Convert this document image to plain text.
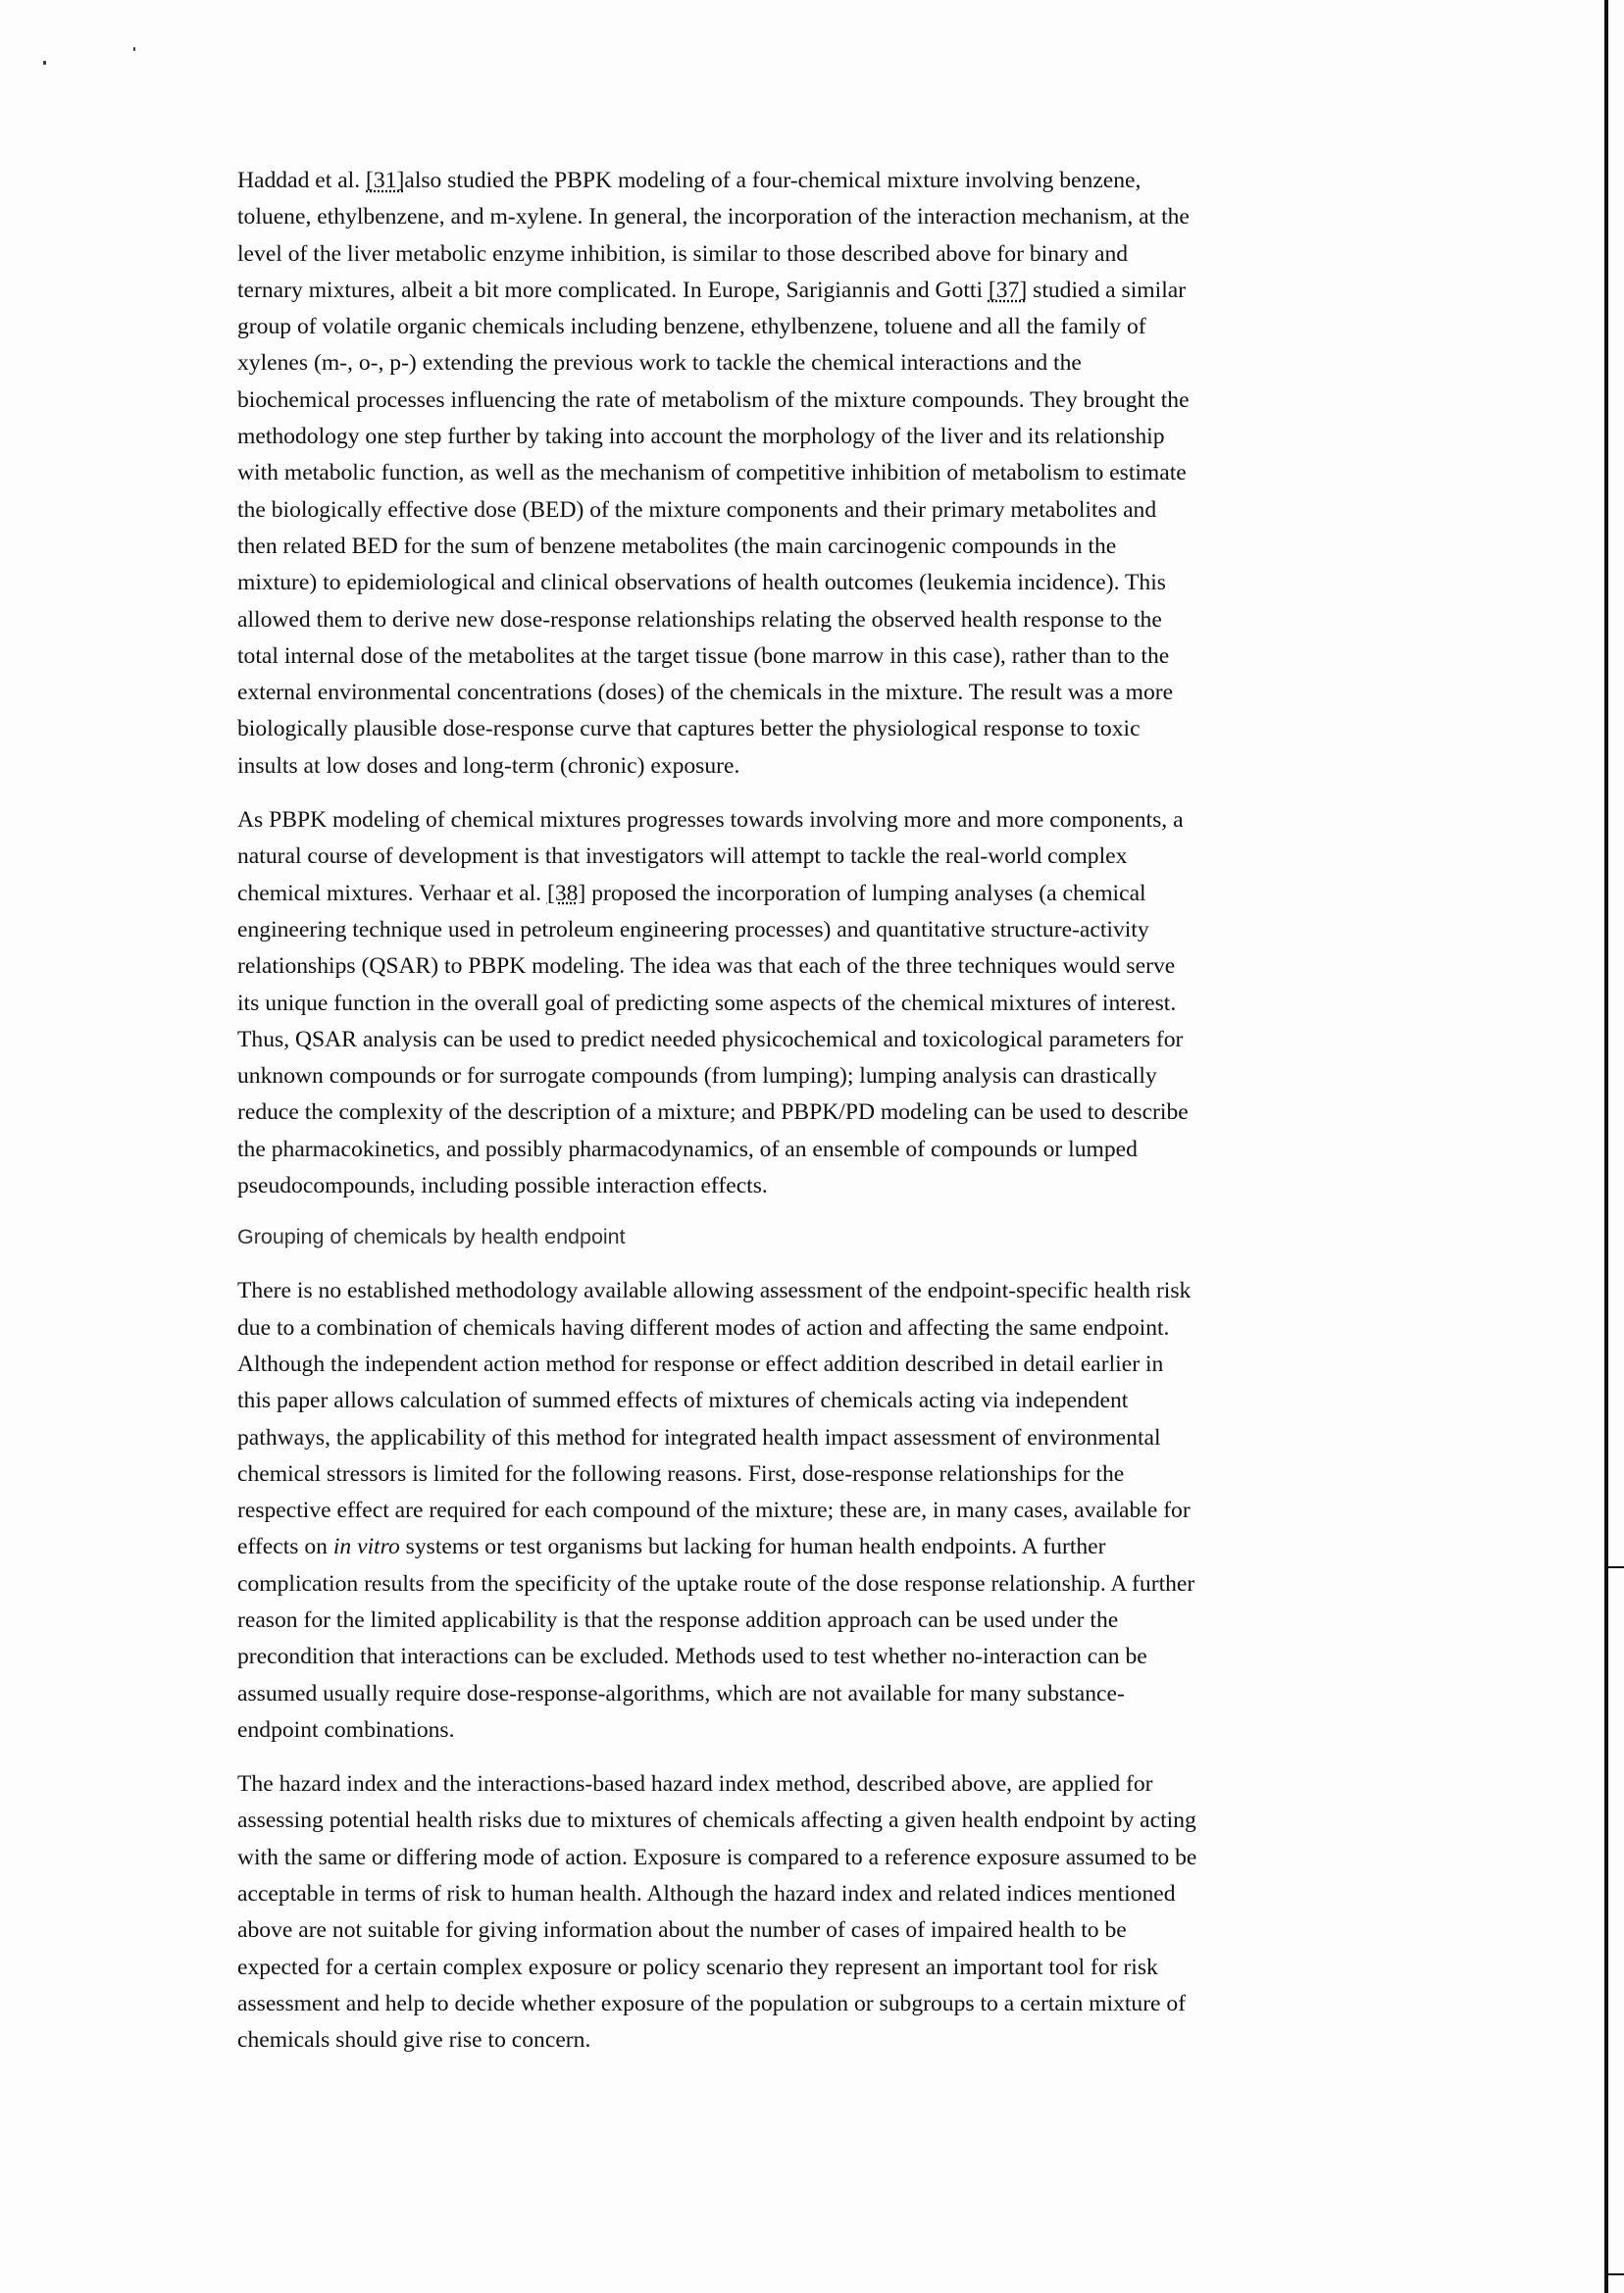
Haddad et al. [31]also studied the PBPK modeling of a four-chemical mixture involving benzene,
toluene, ethylbenzene, and m-xylene. In general, the incorporation of the interaction mechanism, at the
level of the liver metabolic enzyme inhibition, is similar to those described above for binary and
ternary mixtures, albeit a bit more complicated. In Europe, Sarigiannis and Gotti [37] studied a similar
group of volatile organic chemicals including benzene, ethylbenzene, toluene and all the family of
xylenes (m-, o-, p-) extending the previous work to tackle the chemical interactions and the
biochemical processes influencing the rate of metabolism of the mixture compounds. They brought the
methodology one step further by taking into account the morphology of the liver and its relationship
with metabolic function, as well as the mechanism of competitive inhibition of metabolism to estimate
the biologically effective dose (BED) of the mixture components and their primary metabolites and
then related BED for the sum of benzene metabolites (the main carcinogenic compounds in the
mixture) to epidemiological and clinical observations of health outcomes (leukemia incidence). This
allowed them to derive new dose-response relationships relating the observed health response to the
total internal dose of the metabolites at the target tissue (bone marrow in this case), rather than to the
external environmental concentrations (doses) of the chemicals in the mixture. The result was a more
biologically plausible dose-response curve that captures better the physiological response to toxic
insults at low doses and long-term (chronic) exposure.

As PBPK modeling of chemical mixtures progresses towards involving more and more components, a
natural course of development is that investigators will attempt to tackle the real-world complex
chemical mixtures. Verhaar et al. [38] proposed the incorporation of lumping analyses (a chemical
engineering technique used in petroleum engineering processes) and quantitative structure-activity
relationships (QSAR) to PBPK modeling. The idea was that each of the three techniques would serve
its unique function in the overall goal of predicting some aspects of the chemical mixtures of interest.
Thus, QSAR analysis can be used to predict needed physicochemical and toxicological parameters for
unknown compounds or for surrogate compounds (from lumping); lumping analysis can drastically
reduce the complexity of the description of a mixture; and PBPK/PD modeling can be used to describe
the pharmacokinetics, and possibly pharmacodynamics, of an ensemble of compounds or lumped
pseudocompounds, including possible interaction effects.

Grouping of chemicals by health endpoint

There is no established methodology available allowing assessment of the endpoint-specific health risk
due to a combination of chemicals having different modes of action and affecting the same endpoint.
Although the independent action method for response or effect addition described in detail earlier in
this paper allows calculation of summed effects of mixtures of chemicals acting via independent
pathways, the applicability of this method for integrated health impact assessment of environmental
chemical stressors is limited for the following reasons. First, dose-response relationships for the
respective effect are required for each compound of the mixture; these are, in many cases, available for
effects on in vitro systems or test organisms but lacking for human health endpoints. A further
complication results from the specificity of the uptake route of the dose response relationship. A further
reason for the limited applicability is that the response addition approach can be used under the
precondition that interactions can be excluded. Methods used to test whether no-interaction can be
assumed usually require dose-response-algorithms, which are not available for many substance-
endpoint combinations.

The hazard index and the interactions-based hazard index method, described above, are applied for
assessing potential health risks due to mixtures of chemicals affecting a given health endpoint by acting
with the same or differing mode of action. Exposure is compared to a reference exposure assumed to be
acceptable in terms of risk to human health. Although the hazard index and related indices mentioned
above are not suitable for giving information about the number of cases of impaired health to be
expected for a certain complex exposure or policy scenario they represent an important tool for risk
assessment and help to decide whether exposure of the population or subgroups to a certain mixture of
chemicals should give rise to concern.
